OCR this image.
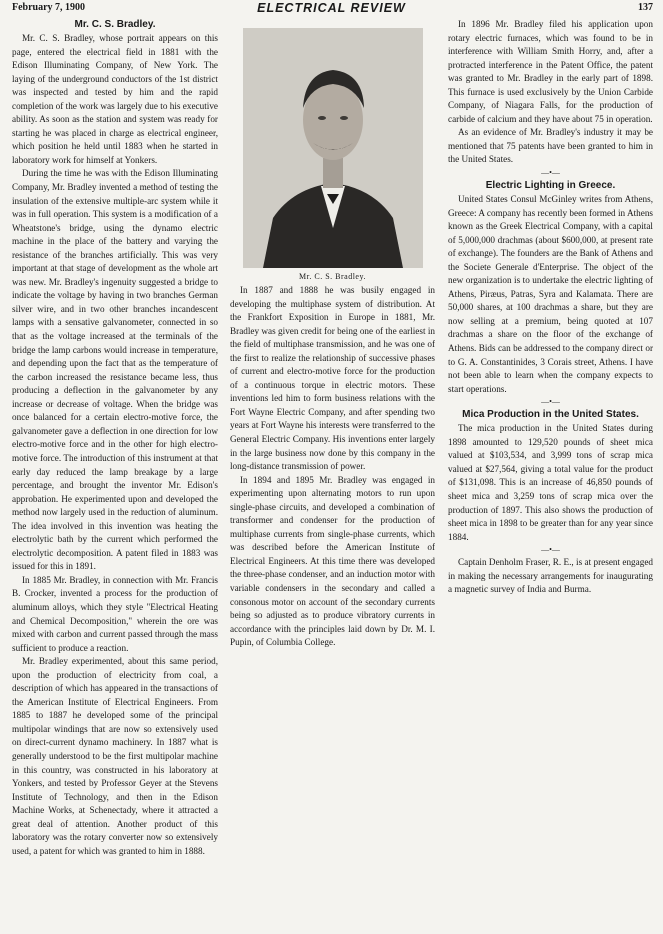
ELECTRICAL REVIEW
February 7, 1900	137
Mr. C. S. Bradley.

Mr. C. S. Bradley, whose portrait appears on this page, entered the electrical field in 1881 with the Edison Illuminating Company, of New York. The laying of the underground conductors of the 1st district was inspected and tested by him and the rapid completion of the work was largely due to his executive ability. As soon as the station and system was ready for starting he was placed in charge as electrical engineer, which position he held until 1883 when he started in laboratory work for himself at Yonkers.

During the time he was with the Edison Illuminating Company, Mr. Bradley invented a method of testing the insulation of the extensive multiple-arc system while it was in full operation. This system is a modification of a Wheatstone's bridge, using the dynamo electric machine in the place of the battery and varying the resistance of the branches artificially. This was very important at that stage of development as the whole art was new. Mr. Bradley's ingenuity suggested a bridge to indicate the voltage by having in two branches German silver wire, and in two other branches incandescent lamps with a sensative galvanometer, connected in so that as the voltage increased at the terminals of the bridge the lamp carbons would increase in temperature, and depending upon the fact that as the temperature of the carbon increased the resistance became less, thus producing a deflection in the galvanometer by any increase or decrease of voltage. When the bridge was once balanced for a certain electro-motive force, the galvanometer gave a deflection in one direction for low electro-motive force and in the other for high electro-motive force. The introduction of this instrument at that early day reduced the lamp breakage by a large percentage, and brought the inventor Mr. Edison's approbation. He experimented upon and developed the method now largely used in the reduction of aluminum. The idea involved in this invention was heating the electrolytic bath by the current which performed the electrolytic decomposition. A patent filed in 1883 was issued for this in 1891.

In 1885 Mr. Bradley, in connection with Mr. Francis B. Crocker, invented a process for the production of aluminum alloys, which they style "Electrical Heating and Chemical Decomposition," wherein the ore was mixed with carbon and current passed through the mass sufficient to produce a reaction.

Mr. Bradley experimented, about this same period, upon the production of electricity from coal, a description of which has appeared in the transactions of the American Institute of Electrical Engineers. From 1885 to 1887 he developed some of the principal multipolar windings that are now so extensively used on direct-current dynamo machinery. In 1887 what is generally understood to be the first multipolar machine in this country, was constructed in his laboratory at Yonkers, and tested by Professor Geyer at the Stevens Institute of Technology, and then in the Edison Machine Works, at Schenectady, where it attracted a great deal of attention. Another product of this laboratory was the rotary converter now so extensively used, a patent for which was granted to him in 1888.

Mr. C. S. Bradley.

In 1887 and 1888 he was busily engaged in developing the multiphase system of distribution. At the Frankfort Exposition in Europe in 1881, Mr. Bradley was given credit for being one of the earliest in the field of multiphase transmission, and he was one of the first to realize the relationship of successive phases of current and electro-motive force for the production of a continuous torque in electric motors. These inventions led him to form business relations with the Fort Wayne Electric Company, and after spending two years at Fort Wayne his interests were transferred to the General Electric Company. His inventions enter largely in the large business now done by this company in the long-distance transmission of power.

In 1894 and 1895 Mr. Bradley was engaged in experimenting upon alternating motors to run upon single-phase circuits, and developed a combination of transformer and condenser for the production of multiphase currents from single-phase currents, which was described before the American Institute of Electrical Engineers. At this time there was developed the three-phase condenser, and an induction motor with variable condensers in the secondary and called a consonous motor on account of the secondary currents being so adjusted as to produce vibratory currents in accordance with the principles laid down by Dr. M. I. Pupin, of Columbia College.

In 1896 Mr. Bradley filed his application upon rotary electric furnaces, which was found to be in interference with William Smith Horry, and, after a protracted interference in the Patent Office, the patent was granted to Mr. Bradley in the early part of 1898. This furnace is used exclusively by the Union Carbide Company, of Niagara Falls, for the production of carbide of calcium and they have about 75 in operation.

As an evidence of Mr. Bradley's industry it may be mentioned that 75 patents have been granted to him in the United States.

—•—
Electric Lighting in Greece.

United States Consul McGinley writes from Athens, Greece: A company has recently been formed in Athens known as the Greek Electrical Company, with a capital of 5,000,000 drachmas (about $600,000, at present rate of exchange). The founders are the Bank of Athens and the Societe Generale d'Enterprise. The object of the new organization is to undertake the electric lighting of Athens, Piræus, Patras, Syra and Kalamata. There are 50,000 shares, at 100 drachmas a share, but they are now selling at a premium, being quoted at 107 drachmas a share on the floor of the exchange of Athens. Bids can be addressed to the company direct or to G. A. Constantinides, 3 Corais street, Athens. I have not been able to learn when the company expects to start operations.

—•—
Mica Production in the United States.

The mica production in the United States during 1898 amounted to 129,520 pounds of sheet mica valued at $103,534, and 3,999 tons of scrap mica valued at $27,564, giving a total value for the product of $131,098. This is an increase of 46,850 pounds of sheet mica and 3,259 tons of scrap mica over the production of 1897. This also shows the production of sheet mica in 1898 to be greater than for any year since 1884.

—•—

Captain Denholm Fraser, R. E., is at present engaged in making the necessary arrangements for inaugurating a magnetic survey of India and Burma.
